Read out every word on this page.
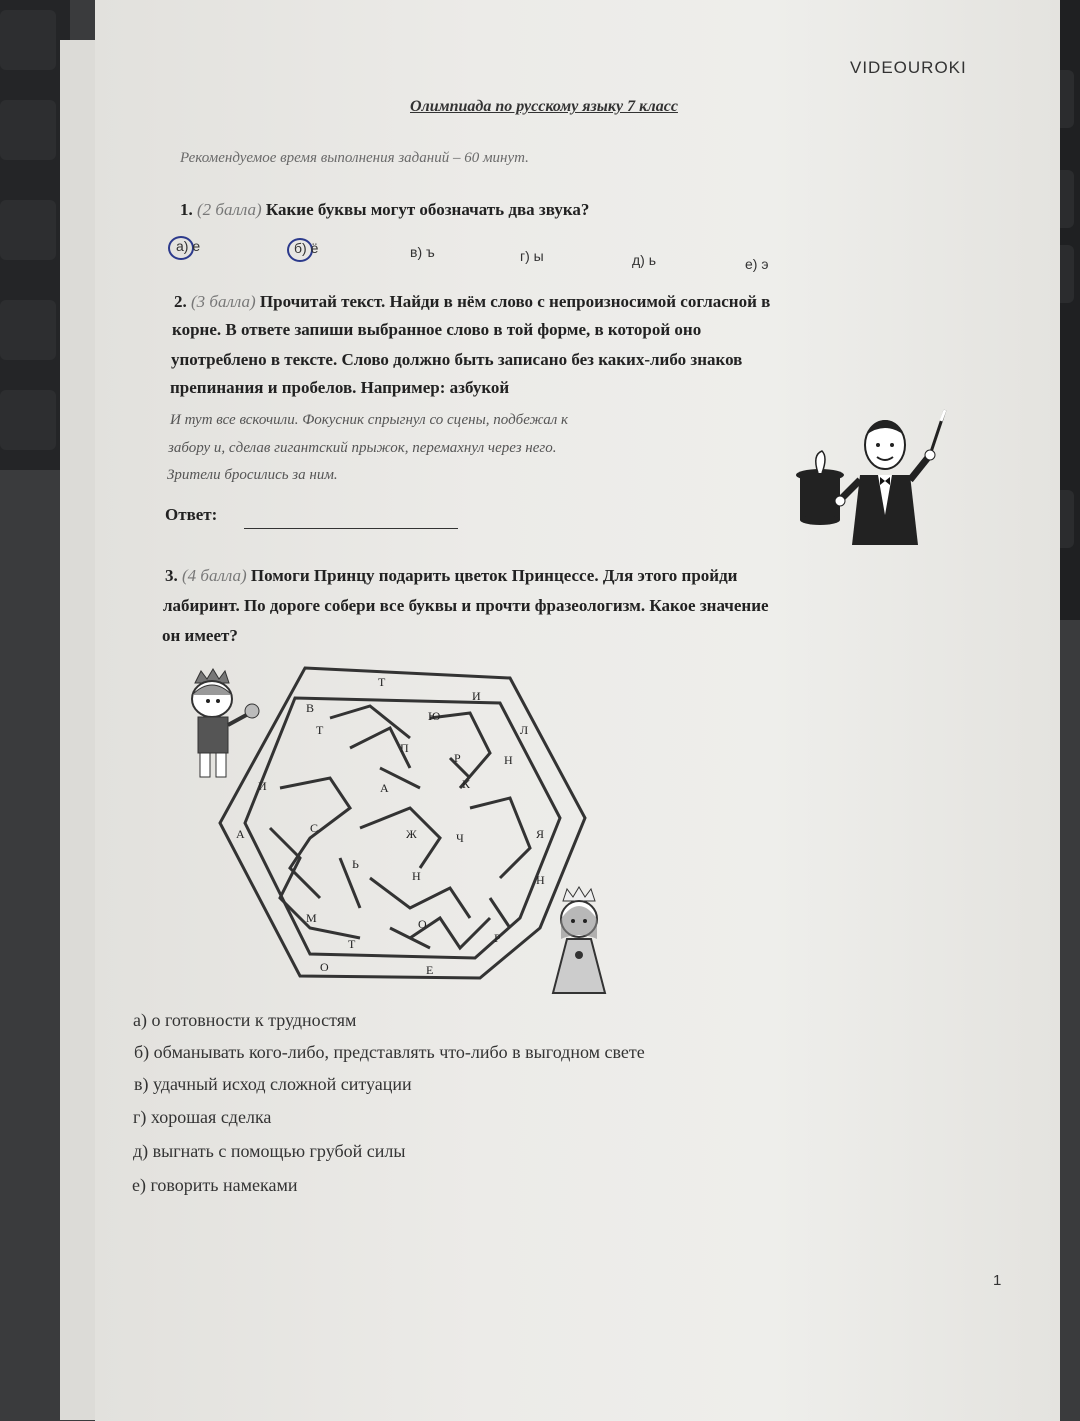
VIDEOUROKI
Олимпиада по русскому языку 7 класс
Рекомендуемое время выполнения заданий – 60 минут.
1. (2 балла) Какие буквы могут обозначать два звука?
а) е	б) ё	в) ъ	г) ы	д) ь	е) э
2. (3 балла) Прочитай текст. Найди в нём слово с непроизносимой согласной в
корне. В ответе запиши выбранное слово в той форме, в которой оно
употреблено в тексте. Слово должно быть записано без каких-либо знаков
препинания и пробелов. Например: азбукой
И тут все вскочили. Фокусник спрыгнул со сцены, подбежал к
забору и, сделав гигантский прыжок, перемахнул через него.
Зрители бросились за ним.
Ответ:
3. (4 балла) Помоги Принцу подарить цветок Принцессе. Для этого пройди
лабиринт. По дороге собери все буквы и прочти фразеологизм. Какое значение
он имеет?
Т
В
И
Ю
Л
Т
П
Р	Н
И	А	К
С	Ж	Ч	Я
А
Ь
Н	Н
М	О
Т	Р
О	Е
а) о готовности к трудностям
б) обманывать кого-либо, представлять что-либо в выгодном свете
в) удачный исход сложной ситуации
г) хорошая сделка
д) выгнать с помощью грубой силы
е) говорить намеками
1
